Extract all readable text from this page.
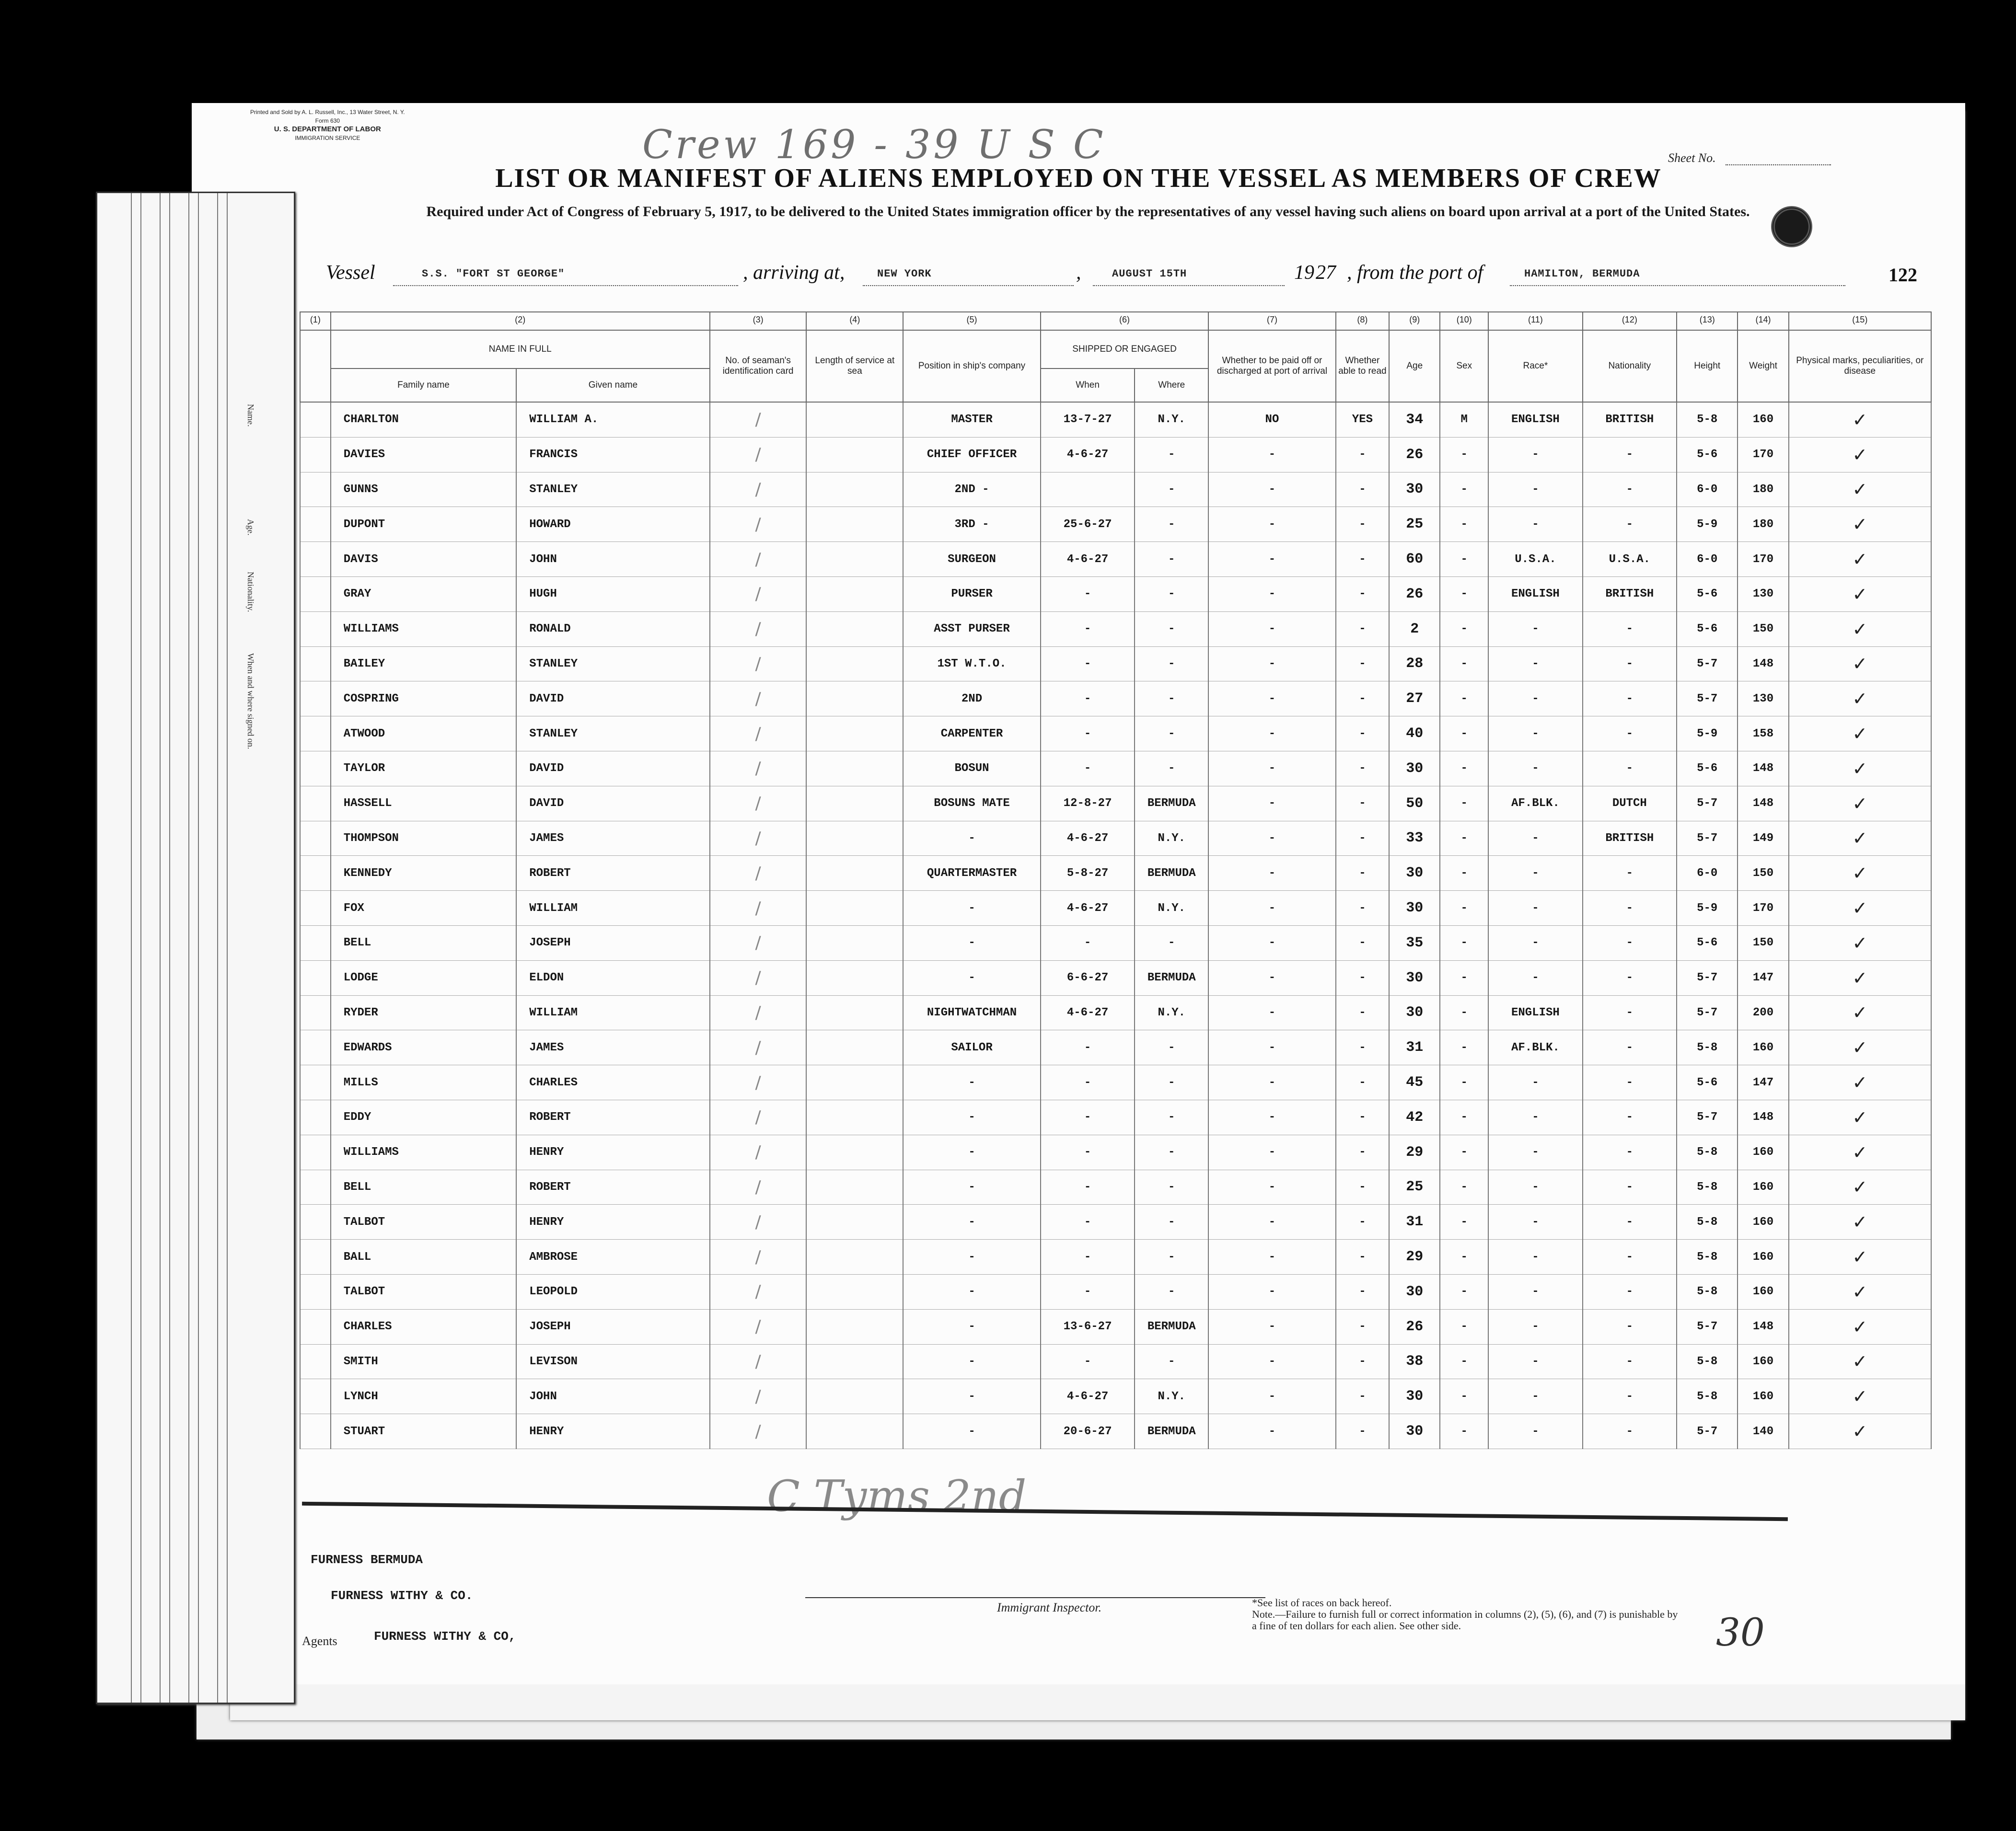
Printed and Sold by A. L. Russell, Inc., 13 Water Street, N. Y.
Form 630
U. S. DEPARTMENT OF LABOR
IMMIGRATION SERVICE	Crew 169 - 39 U S C	Sheet No.
LIST OR MANIFEST OF ALIENS EMPLOYED ON THE VESSEL AS MEMBERS OF CREW
Required under Act of Congress of February 5, 1917, to be delivered to the United States immigration officer by the representatives of any vessel having such aliens on board upon arrival at a port of the United States.
Vessel	S.S. "FORT ST GEORGE"	, arriving at,	NEW YORK	,	AUGUST 15TH	19 27 , from the port of	HAMILTON, BERMUDA	122
(1)	(2)		(3)	(4)	(5)	(6)		(7)	(8)	(9)	(10)	(11)	(12)	(13)	(14)	(15)
	NAME IN FULL		No. of seaman's identification card	Length of service at sea	Position in ship's company	SHIPPED OR ENGAGED		Whether to be paid off or discharged at port of arrival	Whether able to read	Age	Sex	Race*	Nationality	Height	Weight	Physical marks, peculiarities, or disease
	Family name	Given name				When	Where									
	CHARLTON	WILLIAM A.	/		MASTER	13-7-27	N.Y.	NO	YES	34	M	ENGLISH	BRITISH	5-8	160	✓
	DAVIES	FRANCIS	/		CHIEF OFFICER	4-6-27	-	-	-	26	-	-	-	5-6	170	✓
	GUNNS	STANLEY	/		2ND -		-	-	-	30	-	-	-	6-0	180	✓
	DUPONT	HOWARD	/		3RD -	25-6-27	-	-	-	25	-	-	-	5-9	180	✓
	DAVIS	JOHN	/		SURGEON	4-6-27	-	-	-	60	-	U.S.A.	U.S.A.	6-0	170	✓
	GRAY	HUGH	/		PURSER	-	-	-	-	26	-	ENGLISH	BRITISH	5-6	130	✓
	WILLIAMS	RONALD	/		ASST PURSER	-	-	-	-	2	-	-	-	5-6	150	✓
	BAILEY	STANLEY	/		1ST W.T.O.	-	-	-	-	28	-	-	-	5-7	148	✓
	COSPRING	DAVID	/		2ND	-	-	-	-	27	-	-	-	5-7	130	✓
	ATWOOD	STANLEY	/		CARPENTER	-	-	-	-	40	-	-	-	5-9	158	✓
	TAYLOR	DAVID	/		BOSUN	-	-	-	-	30	-	-	-	5-6	148	✓
	HASSELL	DAVID	/		BOSUNS MATE	12-8-27	BERMUDA	-	-	50	-	AF.BLK.	DUTCH	5-7	148	✓
	THOMPSON	JAMES	/		-	4-6-27	N.Y.	-	-	33	-	-	BRITISH	5-7	149	✓
	KENNEDY	ROBERT	/		QUARTERMASTER	5-8-27	BERMUDA	-	-	30	-	-	-	6-0	150	✓
	FOX	WILLIAM	/		-	4-6-27	N.Y.	-	-	30	-	-	-	5-9	170	✓
	BELL	JOSEPH	/		-	-	-	-	-	35	-	-	-	5-6	150	✓
	LODGE	ELDON	/		-	6-6-27	BERMUDA	-	-	30	-	-	-	5-7	147	✓
	RYDER	WILLIAM	/		NIGHTWATCHMAN	4-6-27	N.Y.	-	-	30	-	ENGLISH	-	5-7	200	✓
	EDWARDS	JAMES	/		SAILOR	-	-	-	-	31	-	AF.BLK.	-	5-8	160	✓
	MILLS	CHARLES	/		-	-	-	-	-	45	-	-	-	5-6	147	✓
	EDDY	ROBERT	/		-	-	-	-	-	42	-	-	-	5-7	148	✓
	WILLIAMS	HENRY	/		-	-	-	-	-	29	-	-	-	5-8	160	✓
	BELL	ROBERT	/		-	-	-	-	-	25	-	-	-	5-8	160	✓
	TALBOT	HENRY	/		-	-	-	-	-	31	-	-	-	5-8	160	✓
	BALL	AMBROSE	/		-	-	-	-	-	29	-	-	-	5-8	160	✓
	TALBOT	LEOPOLD	/		-	-	-	-	-	30	-	-	-	5-8	160	✓
	CHARLES	JOSEPH	/		-	13-6-27	BERMUDA	-	-	26	-	-	-	5-7	148	✓
	SMITH	LEVISON	/		-	-	-	-	-	38	-	-	-	5-8	160	✓
	LYNCH	JOHN	/		-	4-6-27	N.Y.	-	-	30	-	-	-	5-8	160	✓
	STUART	HENRY	/		-	20-6-27	BERMUDA	-	-	30	-	-	-	5-7	140	✓
C Tyms 2nd
FURNESS BERMUDA
FURNESS WITHY & CO.
Agents	FURNESS WITHY & CO,
Immigrant Inspector.	*See list of races on back hereof.
Note.—Failure to furnish full or correct information in columns (2), (5), (6), and (7) is punishable by a fine of ten dollars for each alien. See other side.	30
Name.
Age.
Nationality.
When and where signed on.
